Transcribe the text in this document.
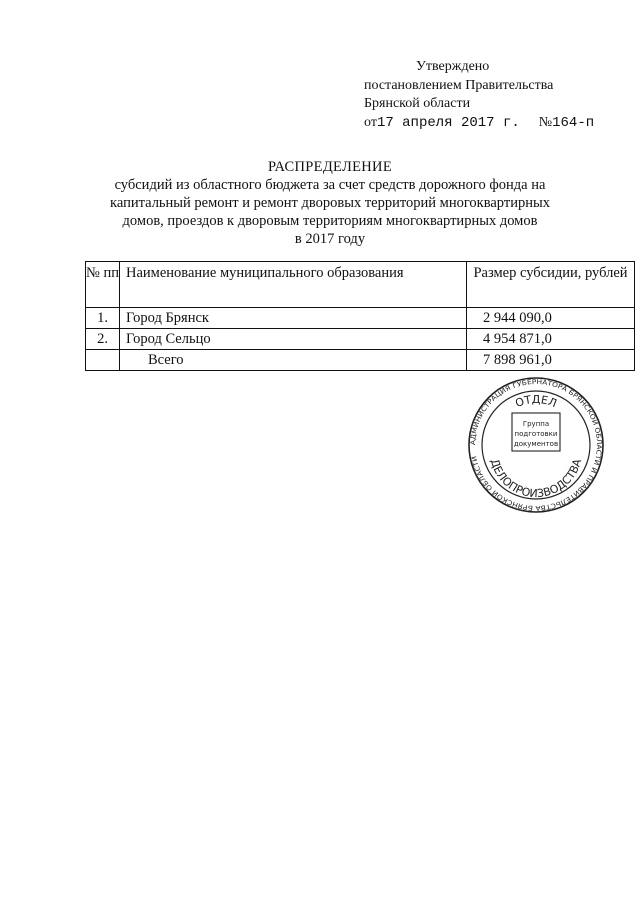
Утверждено
постановлением Правительства
Брянской области
от17 апреля 2017 г. №164-п
РАСПРЕДЕЛЕНИЕ
субсидий из областного бюджета за счет средств дорожного фонда на
капитальный ремонт и ремонт дворовых территорий многоквартирных
домов, проездов к дворовым территориям многоквартирных домов
в 2017 году
№ пп	Наименование муниципального образования	Размер субсидии, рублей
1.	Город Брянск	2 944 090,0
2.	Город Сельцо	4 954 871,0
	Всего	7 898 961,0
АДМИНИСТРАЦИЯ ГУБЕРНАТОРА БРЯНСКОЙ ОБЛАСТИ И ПРАВИТЕЛЬСТВА БРЯНСКОЙ ОБЛАСТИ
ОТДЕЛ
ДЕЛОПРОИЗВОДСТВА
Группа
подготовки
документов
